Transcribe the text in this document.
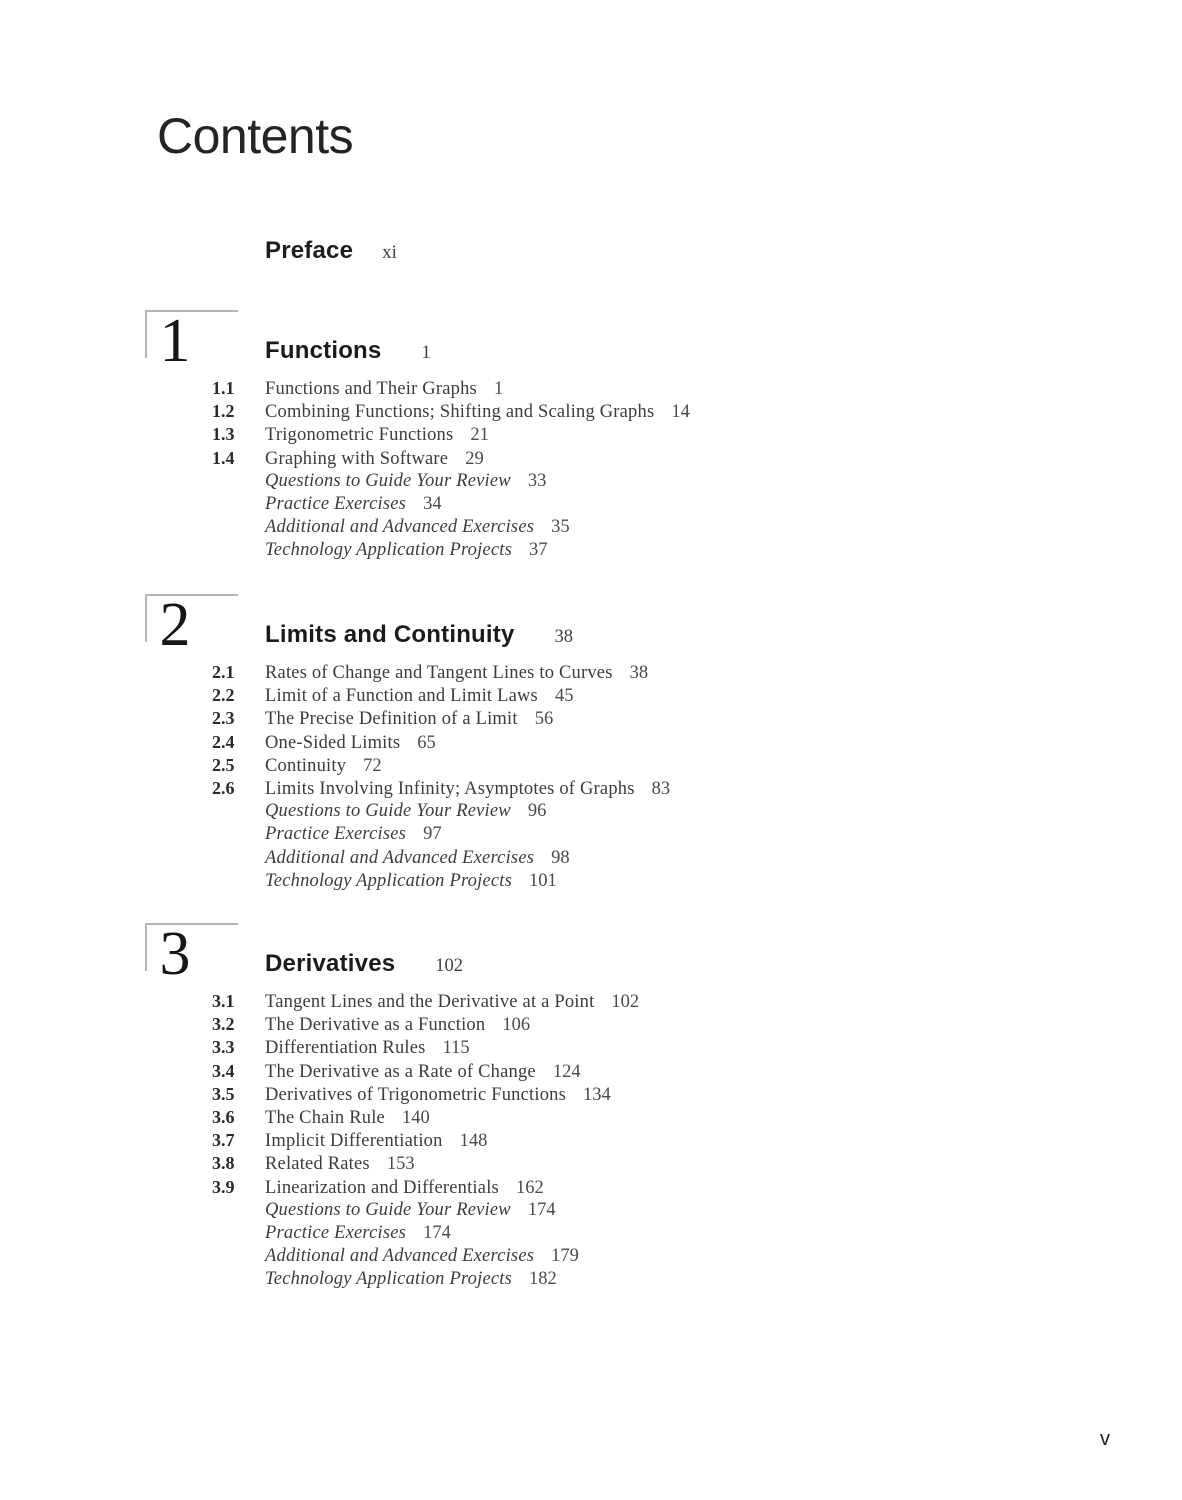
Contents
Preface xi
1	Functions 1
1.1	Functions and Their Graphs 1
1.2	Combining Functions; Shifting and Scaling Graphs 14
1.3	Trigonometric Functions 21
1.4	Graphing with Software 29
Questions to Guide Your Review 33
Practice Exercises 34
Additional and Advanced Exercises 35
Technology Application Projects 37
2	Limits and Continuity 38
2.1	Rates of Change and Tangent Lines to Curves 38
2.2	Limit of a Function and Limit Laws 45
2.3	The Precise Definition of a Limit 56
2.4	One-Sided Limits 65
2.5	Continuity 72
2.6	Limits Involving Infinity; Asymptotes of Graphs 83
Questions to Guide Your Review 96
Practice Exercises 97
Additional and Advanced Exercises 98
Technology Application Projects 101
3	Derivatives 102
3.1	Tangent Lines and the Derivative at a Point 102
3.2	The Derivative as a Function 106
3.3	Differentiation Rules 115
3.4	The Derivative as a Rate of Change 124
3.5	Derivatives of Trigonometric Functions 134
3.6	The Chain Rule 140
3.7	Implicit Differentiation 148
3.8	Related Rates 153
3.9	Linearization and Differentials 162
Questions to Guide Your Review 174
Practice Exercises 174
Additional and Advanced Exercises 179
Technology Application Projects 182
v
